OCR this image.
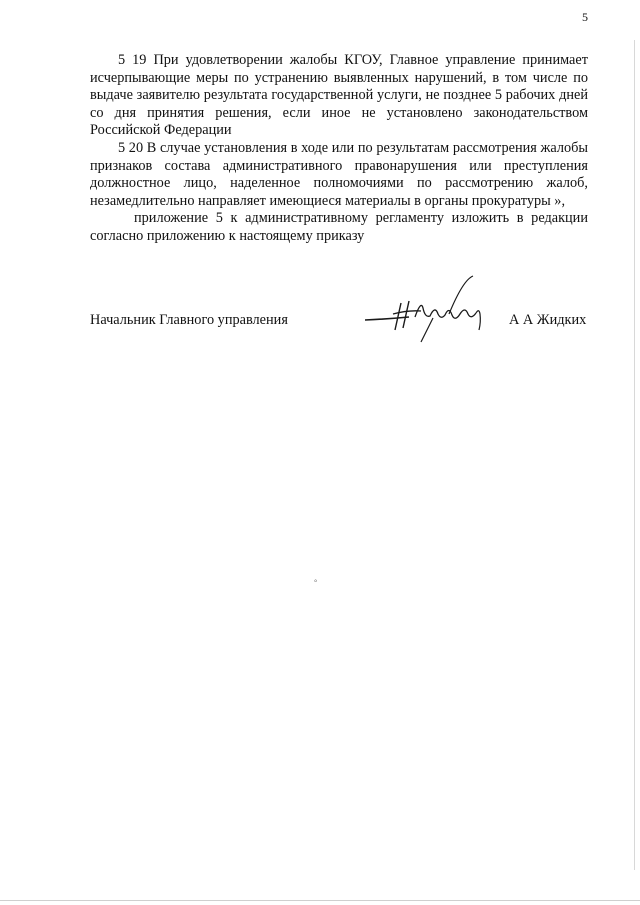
5

5 19 При удовлетворении жалобы КГОУ, Главное управление принимает исчерпывающие меры по устранению выявленных нарушений, в том числе по выдаче заявителю результата государственной услуги, не позднее 5 рабочих дней со дня принятия решения, если иное не установлено законодательством Российской Федерации

5 20 В случае установления в ходе или по результатам рассмотрения жалобы признаков состава административного правонарушения или преступления должностное лицо, наделенное полномочиями по рассмотрению жалоб, незамедлительно направляет имеющиеся материалы в органы прокуратуры »,

приложение 5 к административному регламенту изложить в редакции согласно приложению к настоящему приказу

Начальник Главного управления	А А Жидких
°
